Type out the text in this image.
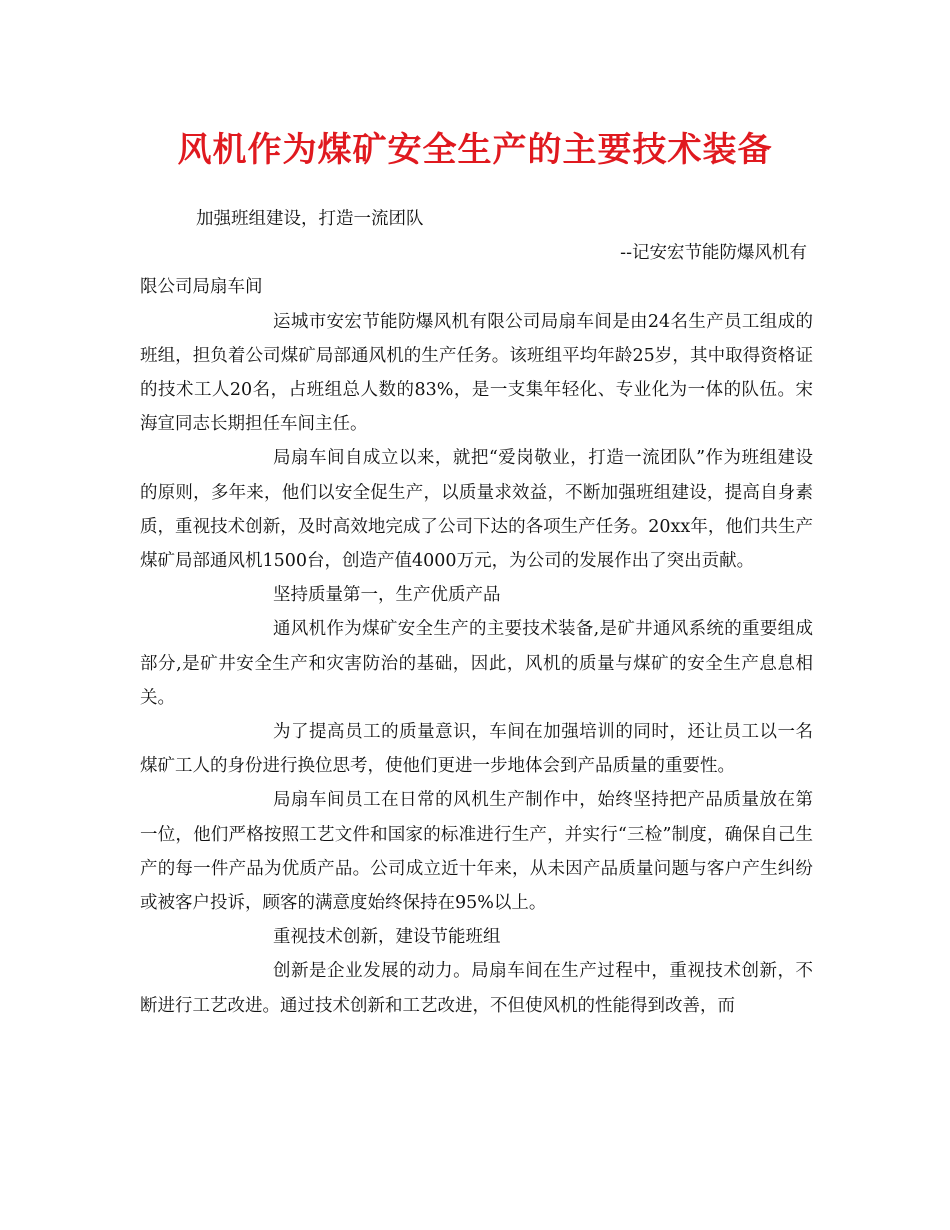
风机作为煤矿安全生产的主要技术装备

加强班组建设，打造一流团队

--记安宏节能防爆风机有

限公司局扇车间

运城市安宏节能防爆风机有限公司局扇车间是由24名生产员工组成的班组，担负着公司煤矿局部通风机的生产任务。该班组平均年龄25岁，其中取得资格证的技术工人20名，占班组总人数的83%，是一支集年轻化、专业化为一体的队伍。宋海宣同志长期担任车间主任。

局扇车间自成立以来，就把“爱岗敬业，打造一流团队”作为班组建设的原则，多年来，他们以安全促生产，以质量求效益，不断加强班组建设，提高自身素质，重视技术创新，及时高效地完成了公司下达的各项生产任务。20xx年，他们共生产煤矿局部通风机1500台，创造产值4000万元，为公司的发展作出了突出贡献。

坚持质量第一，生产优质产品

通风机作为煤矿安全生产的主要技术装备,是矿井通风系统的重要组成部分,是矿井安全生产和灾害防治的基础，因此，风机的质量与煤矿的安全生产息息相关。

为了提高员工的质量意识，车间在加强培训的同时，还让员工以一名煤矿工人的身份进行换位思考，使他们更进一步地体会到产品质量的重要性。

局扇车间员工在日常的风机生产制作中，始终坚持把产品质量放在第一位，他们严格按照工艺文件和国家的标准进行生产，并实行“三检”制度，确保自己生产的每一件产品为优质产品。公司成立近十年来，从未因产品质量问题与客户产生纠纷或被客户投诉，顾客的满意度始终保持在95%以上。

重视技术创新，建设节能班组

创新是企业发展的动力。局扇车间在生产过程中，重视技术创新，不断进行工艺改进。通过技术创新和工艺改进，不但使风机的性能得到改善，而
